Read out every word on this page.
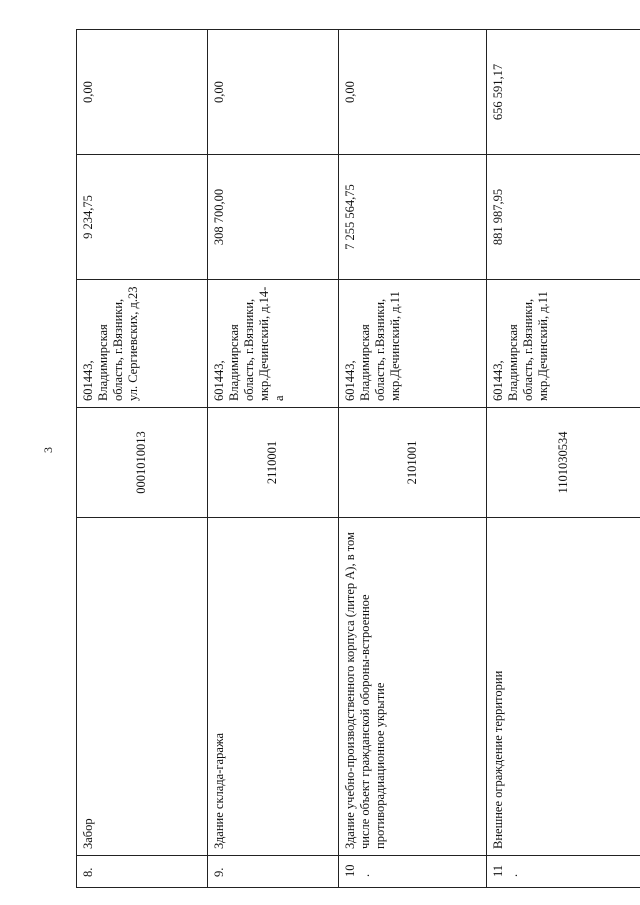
3
8.	Забор	0001010013	601443, Владимирская область, г.Вязники, ул. Сергиевских, д.23	9 234,75	0,00
9.	Здание склада-гаража	2110001	601443, Владимирская область, г.Вязники, мкр.Дечинский, д.14-а	308 700,00	0,00
10.	Здание учебно-производственного корпуса (литер А), в том числе объект гражданской обороны-встроенное противорадиационное укрытие	2101001	601443, Владимирская область, г.Вязники, мкр.Дечинский, д.11	7 255 564,75	0,00
11.	Внешнее ограждение территории	1101030534	601443, Владимирская область, г.Вязники, мкр.Дечинский, д.11	881 987,95	656 591,17
